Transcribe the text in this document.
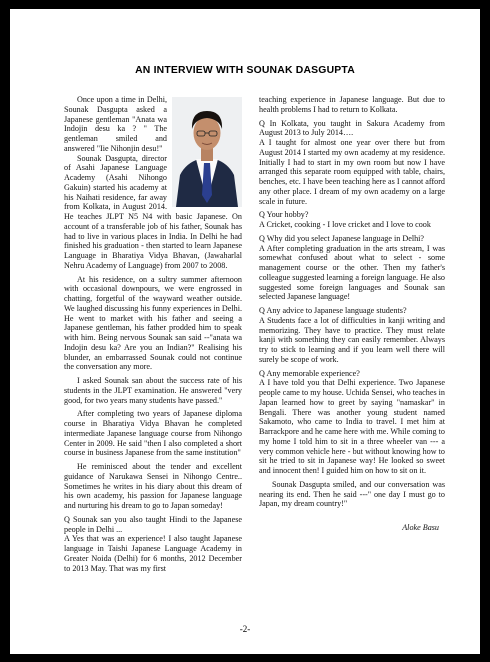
AN INTERVIEW WITH SOUNAK DASGUPTA

Once upon a time in Delhi, Sounak Dasgupta asked a Japanese gentleman "Anata wa Indojin desu ka ? " The gentleman smiled and answered "Iie Nihonjin desu!"

Sounak Dasgupta, director of Asahi Japanese Language Academy (Asahi Nihongo Gakuin) started his academy at his Naihati residence, far away from Kolkata, in August 2014. He teaches JLPT N5 N4 with basic Japanese. On account of a transferable job of his father, Sounak has had to live in various places in India. In Delhi he had finished his graduation - then started to learn Japanese Language in Bharatiya Vidya Bhavan, (Jawaharlal Nehru Academy of Language) from 2007 to 2008.

At his residence, on a sultry summer afternoon with occasional downpours, we were engrossed in chatting, forgetful of the wayward weather outside. We laughed discussing his funny experiences in Delhi. He went to market with his father and seeing a Japanese gentleman, his father prodded him to speak with him. Being nervous Sounak san said --"anata wa Indojin desu ka? Are you an Indian?" Realising his blunder, an embarrassed Sounak could not continue the conversation any more.

I asked Sounak san about the success rate of his students in the JLPT examination. He answered "very good, for two years many students have passed."

After completing two years of Japanese diploma course in Bharatiya Vidya Bhavan he completed intermediate Japanese language course from Nihongo Center in 2009. He said "then I also completed a short course in business Japanese from the same institution"

He reminisced about the tender and excellent guidance of Narukawa Sensei in Nihongo Centre.. Sometimes he writes in his diary about this dream of his own academy, his passion for Japanese language and nurturing his dream to go to Japan someday!

Q Sounak san you also taught Hindi to the Japanese people in Delhi ...

A Yes that was an experience! I also taught Japanese language in Taishi Japanese Language Academy in Greater Noida (Delhi) for 6 months, 2012 December to 2013 May. That was my first

teaching experience in Japanese language. But due to health problems I had to return to Kolkata.

Q In Kolkata, you taught in Sakura Academy from August 2013 to July 2014….

A I taught for almost one year over there but from August 2014 I started my own academy at my residence. Initially I had to start in my own room but now I have arranged this separate room equipped with table, chairs, benches, etc. I have been teaching here as I cannot afford any other place. I dream of my own academy on a large scale in future.

Q Your hobby?

A Cricket, cooking - I love cricket and I love to cook

Q Why did you select Japanese language in Delhi?

A After completing graduation in the arts stream, I was somewhat confused about what to select - some management course or the other. Then my father's colleague suggested learning a foreign language. He also suggested some foreign languages and Sounak san selected Japanese language!

Q Any advice to Japanese language students?

A Students face a lot of difficulties in kanji writing and memorizing. They have to practice. They must relate kanji with something they can easily remember. Always try to stick to learning and if you learn well there will surely be scope of work.

Q Any memorable experience?

A I have told you that Delhi experience. Two Japanese people came to my house. Uchida Sensei, who teaches in Japan learned how to greet by saying "namaskar" in Bengali. There was another young student named Sakamoto, who came to India to travel. I met him at Barrackpore and he came here with me. While coming to my home I told him to sit in a three wheeler van --- a very common vehicle here - but without knowing how to sit he tried to sit in Japanese way! He looked so sweet and innocent then! I guided him on how to sit on it.

Sounak Dasgupta smiled, and our conversation was nearing its end. Then he said ---" one day I must go to Japan, my dream country!"

Aloke Basu

-2-
